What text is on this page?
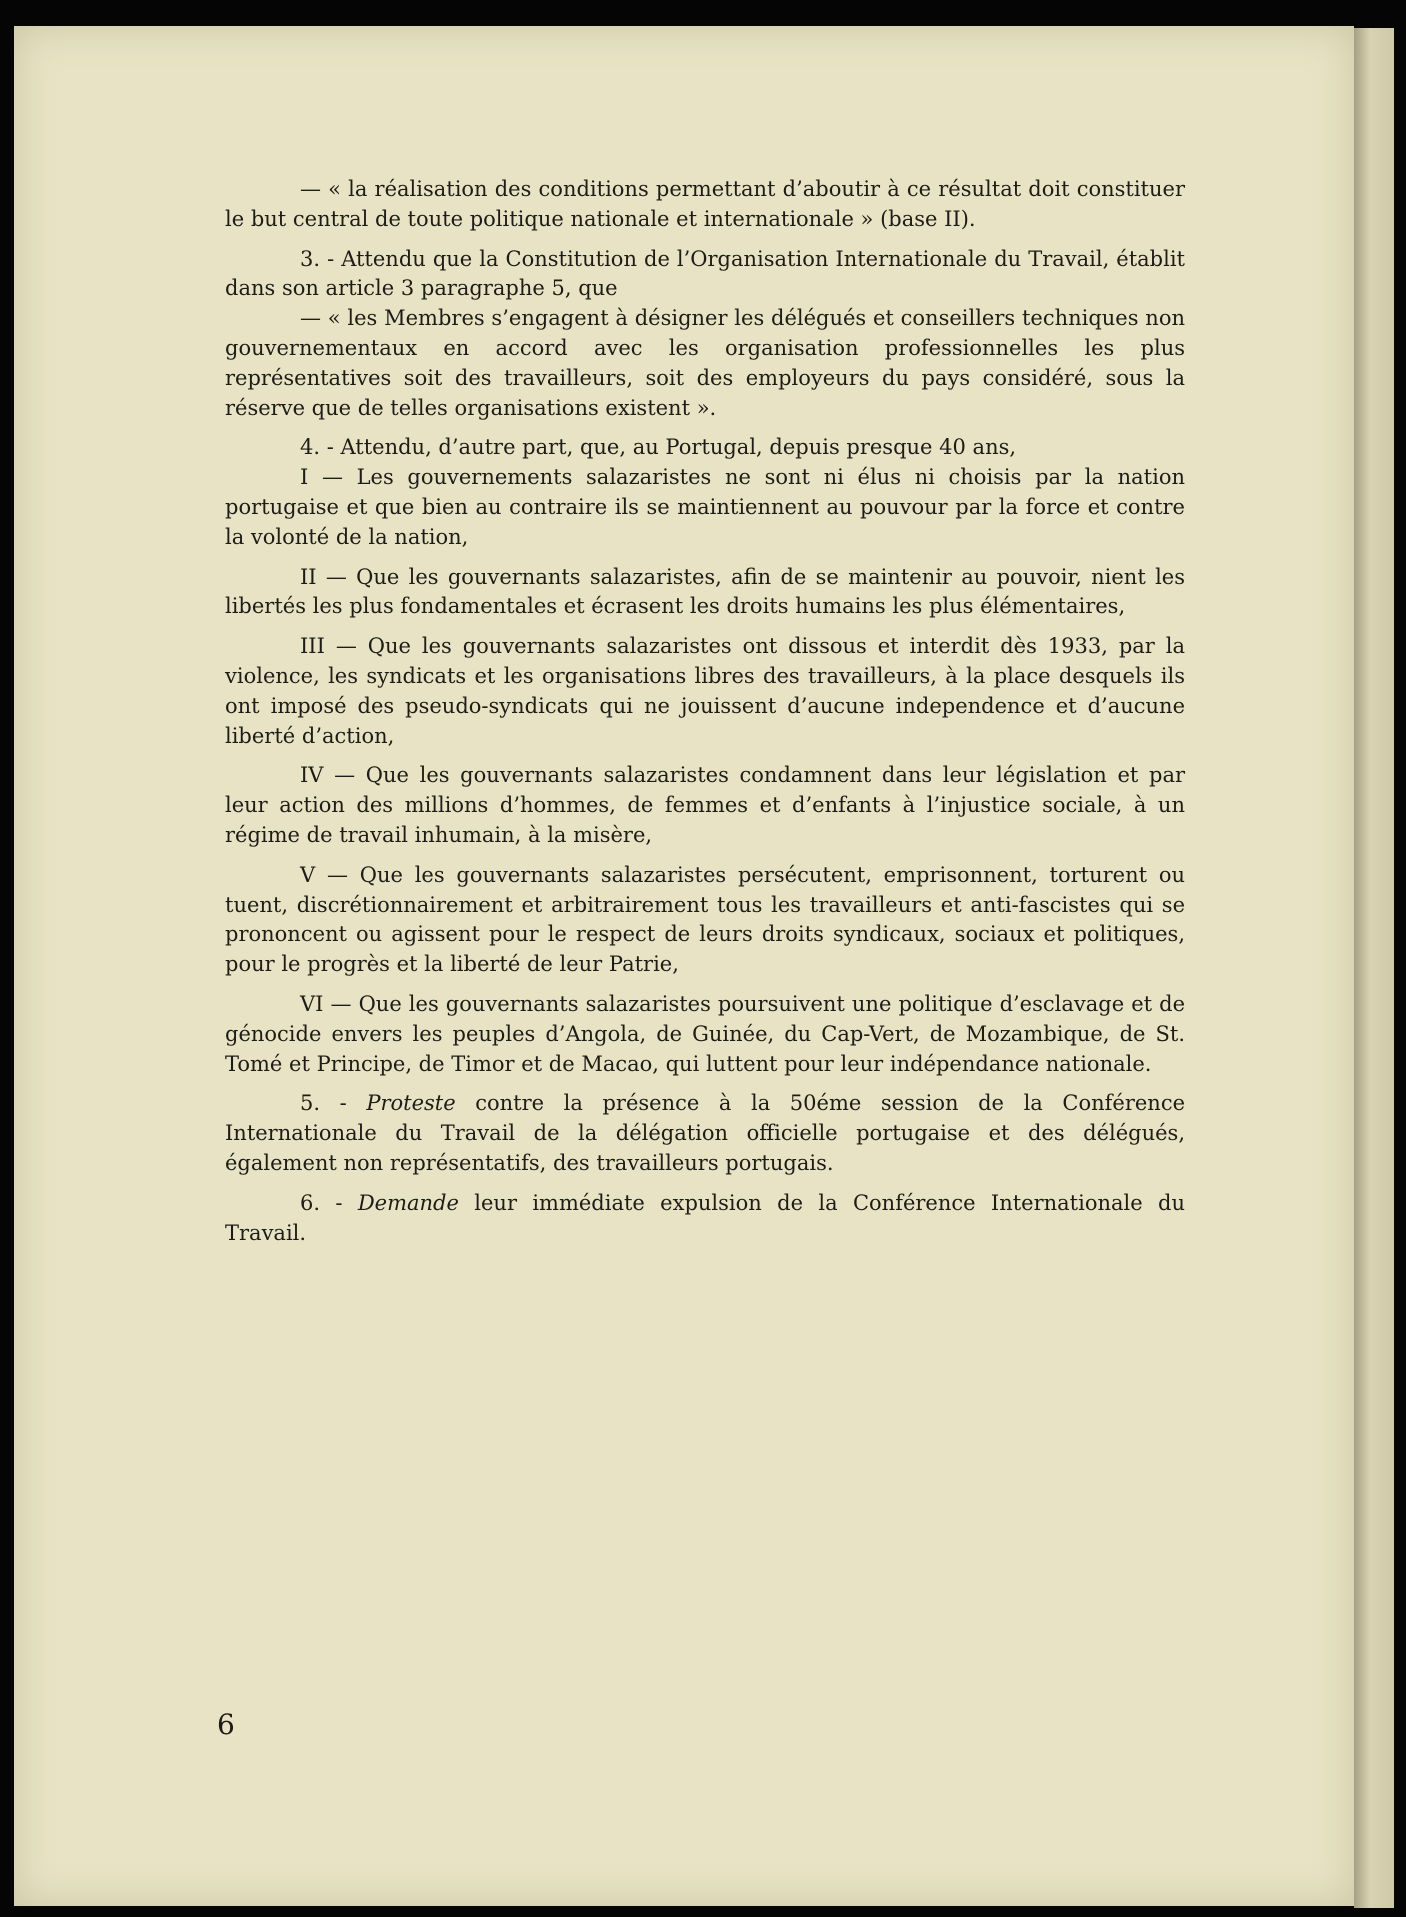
— « la réalisation des conditions permettant d’aboutir à ce résultat doit constituer le but central de toute politique nationale et internationale » (base II).

3. - Attendu que la Constitution de l’Organisation Internationale du Travail, établit dans son article 3 paragraphe 5, que

— « les Membres s’engagent à désigner les délégués et conseillers techniques non gouvernementaux en accord avec les organisation professionnelles les plus représentatives soit des travailleurs, soit des employeurs du pays considéré, sous la réserve que de telles organisations existent ».

4. - Attendu, d’autre part, que, au Portugal, depuis presque 40 ans,

I — Les gouvernements salazaristes ne sont ni élus ni choisis par la nation portugaise et que bien au contraire ils se maintiennent au pouvour par la force et contre la volonté de la nation,

II — Que les gouvernants salazaristes, afin de se maintenir au pouvoir, nient les libertés les plus fondamentales et écrasent les droits humains les plus élémentaires,

III — Que les gouvernants salazaristes ont dissous et interdit dès 1933, par la violence, les syndicats et les organisations libres des travailleurs, à la place desquels ils ont imposé des pseudo-syndicats qui ne jouissent d’aucune independence et d’aucune liberté d’action,

IV — Que les gouvernants salazaristes condamnent dans leur législation et par leur action des millions d’hommes, de femmes et d’enfants à l’injustice sociale, à un régime de travail inhumain, à la misère,

V — Que les gouvernants salazaristes persécutent, emprisonnent, torturent ou tuent, discrétionnairement et arbitrairement tous les travailleurs et anti-fascistes qui se prononcent ou agissent pour le respect de leurs droits syndicaux, sociaux et politiques, pour le progrès et la liberté de leur Patrie,

VI — Que les gouvernants salazaristes poursuivent une politique d’esclavage et de génocide envers les peuples d’Angola, de Guinée, du Cap-Vert, de Mozambique, de St. Tomé et Principe, de Timor et de Macao, qui luttent pour leur indépendance nationale.

5. - Proteste contre la présence à la 50éme session de la Conférence Internationale du Travail de la délégation officielle portugaise et des délégués, également non représentatifs, des travailleurs portugais.

6. - Demande leur immédiate expulsion de la Conférence Internationale du Travail.

6
